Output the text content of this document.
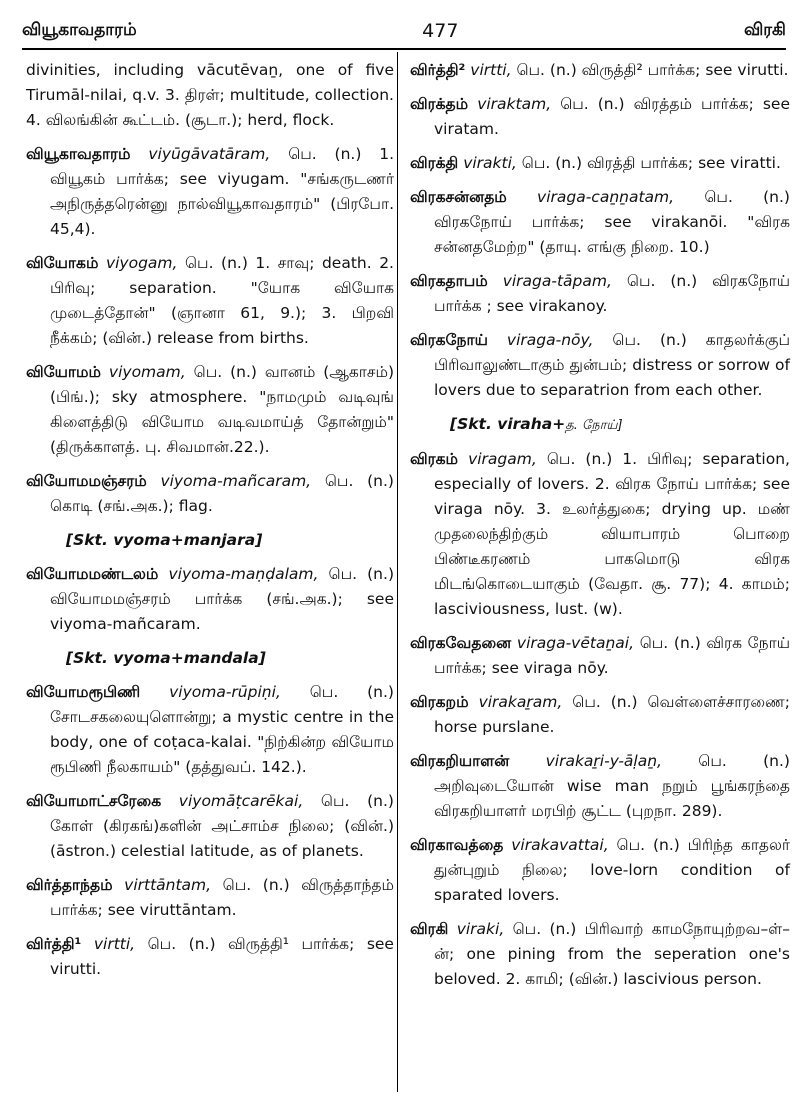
வியூகாவதாரம்	477	விரகி

divinities, including vācutēvaṉ, one of five Tirumāl-nilai, q.v. 3. திரள்; multitude, collection. 4. விலங்கின் கூட்டம். (சூடா.); herd, flock.

வியூகாவதாரம் viyūgāvatāram, பெ. (n.) 1. வியூகம் பார்க்க; see viyugam. "சங்கருடணர் அநிருத்தரென்னு நால்வியூகாவதாரம்" (பிரபோ. 45,4).

வியோகம் viyogam, பெ. (n.) 1. சாவு; death. 2. பிரிவு; separation. "யோக வியோக முடைத்தோன்" (ஞானா 61, 9.); 3. பிறவி நீக்கம்; (வின்.) release from births.

வியோமம் viyomam, பெ. (n.) வானம் (ஆகாசம்) (பிங்.); sky atmosphere. "நாமமும் வடிவுங் கிளைத்திடு வியோம வடிவமாய்த் தோன்றும்" (திருக்காளத். பு. சிவமான்.22.).

வியோமமஞ்சரம் viyoma-mañcaram, பெ. (n.) கொடி (சங்.அக.); flag.

[Skt. vyoma+manjara]

வியோமமண்டலம் viyoma-maṇḍalam, பெ. (n.) வியோமமஞ்சரம் பார்க்க (சங்.அக.); see viyoma-mañcaram.

[Skt. vyoma+mandala]

வியோமரூபிணி viyoma-rūpiṇi, பெ. (n.) சோடசகலையுளொன்று; a mystic centre in the body, one of coṭaca-kalai. "நிற்கின்ற வியோம ரூபிணி நீலகாயம்" (தத்துவப். 142.).

வியோமாட்சரேகை viyomāṭcarēkai, பெ. (n.) கோள் (கிரகங்)களின் அட்சாம்ச நிலை; (வின்.) (āstron.) celestial latitude, as of planets.

விர்த்தாந்தம் virttāntam, பெ. (n.) விருத்தாந்தம் பார்க்க; see viruttāntam.

விர்த்தி¹ virtti, பெ. (n.) விருத்தி¹ பார்க்க; see virutti.

விர்த்தி² virtti, பெ. (n.) விருத்தி² பார்க்க; see virutti.

விரக்தம் viraktam, பெ. (n.) விரத்தம் பார்க்க; see viratam.

விரக்தி virakti, பெ. (n.) விரத்தி பார்க்க; see viratti.

விரகசன்னதம் viraga-caṉṉatam, பெ. (n.) விரகநோய் பார்க்க; see virakanōi. "விரக சன்னதமேற்ற" (தாயு. எங்கு நிறை. 10.)

விரகதாபம் viraga-tāpam, பெ. (n.) விரகநோய் பார்க்க ; see virakanoy.

விரகநோய் viraga-nōy, பெ. (n.) காதலர்க்குப் பிரிவாலுண்டாகும் துன்பம்; distress or sorrow of lovers due to separatrion from each other.

[Skt. viraha+த. நோய்]

விரகம் viragam, பெ. (n.) 1. பிரிவு; separation, especially of lovers. 2. விரக நோய் பார்க்க; see viraga nōy. 3. உலர்த்துகை; drying up. மண் முதலைந்திற்கும் வியாபாரம் பொறை பிண்டீகரணம் பாகமொடு விரக மிடங்கொடையாகும் (வேதா. சூ. 77); 4. காமம்; lasciviousness, lust. (w).

விரகவேதனை viraga-vētaṉai, பெ. (n.) விரக நோய் பார்க்க; see viraga nōy.

விரகறம் virakaṟam, பெ. (n.) வெள்ளைச்சாரணை; horse purslane.

விரகறியாளன் virakaṟi-y-āḷaṉ, பெ. (n.) அறிவுடையோன் wise man நறும் பூங்கரந்தை விரகறியாளர் மரபிற் சூட்ட (புறநா. 289).

விரகாவத்தை virakavattai, பெ. (n.) பிரிந்த காதலர் துன்புறும் நிலை; love-lorn condition of sparated lovers.

விரகி viraki, பெ. (n.) பிரிவாற் காமநோயுற்றவ–ள்–ன்; one pining from the seperation one's beloved. 2. காமி; (வின்.) lascivious person.
